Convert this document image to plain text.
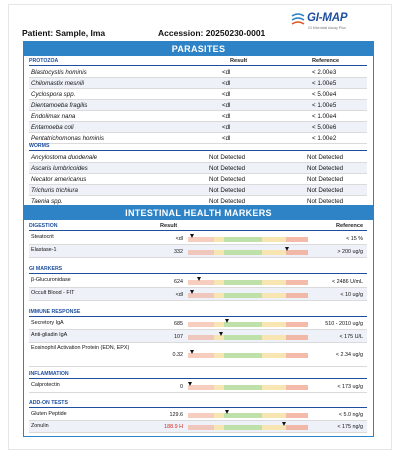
Patient: Sample, Ima	Accession: 20250230-0001
GI-MAP
GI Microbial Assay Plus
PARASITES
PROTOZOA	Result	Reference
Blastocystis hominis	<dl	< 2.00e3
Chilomastix mesnili	<dl	< 1.00e5
Cyclospora spp.	<dl	< 5.00e4
Dientamoeba fragilis	<dl	< 1.00e5
Endolimax nana	<dl	< 1.00e4
Entamoeba coli	<dl	< 5.00e6
Pentatrichomonas hominis	<dl	< 1.00e2
WORMS
Ancylostoma duodenale	Not Detected	Not Detected
Ascaris lumbricoides	Not Detected	Not Detected
Necator americanus	Not Detected	Not Detected
Trichuris trichiura	Not Detected	Not Detected
Taenia spp.	Not Detected	Not Detected
INTESTINAL HEALTH MARKERS
DIGESTION	Result	Reference
Steatocrit	<dl	< 15 %
Elastase-1	332	> 200 ug/g
GI MARKERS
β-Glucuronidase	624	< 2486 U/mL
Occult Blood - FIT	<dl	< 10 ug/g
IMMUNE RESPONSE
Secretory IgA	685	510 - 2010 ug/g
Anti-gliadin IgA	107	< 175 U/L
Eosinophil Activation Protein (EDN, EPX)
0.32	< 2.34 ug/g
INFLAMMATION
Calprotectin	0	< 173 ug/g
ADD-ON TESTS
Gluten Peptide	129.6	< 5.0 ng/g
Zonulin	188.9 H	< 175 ng/g
